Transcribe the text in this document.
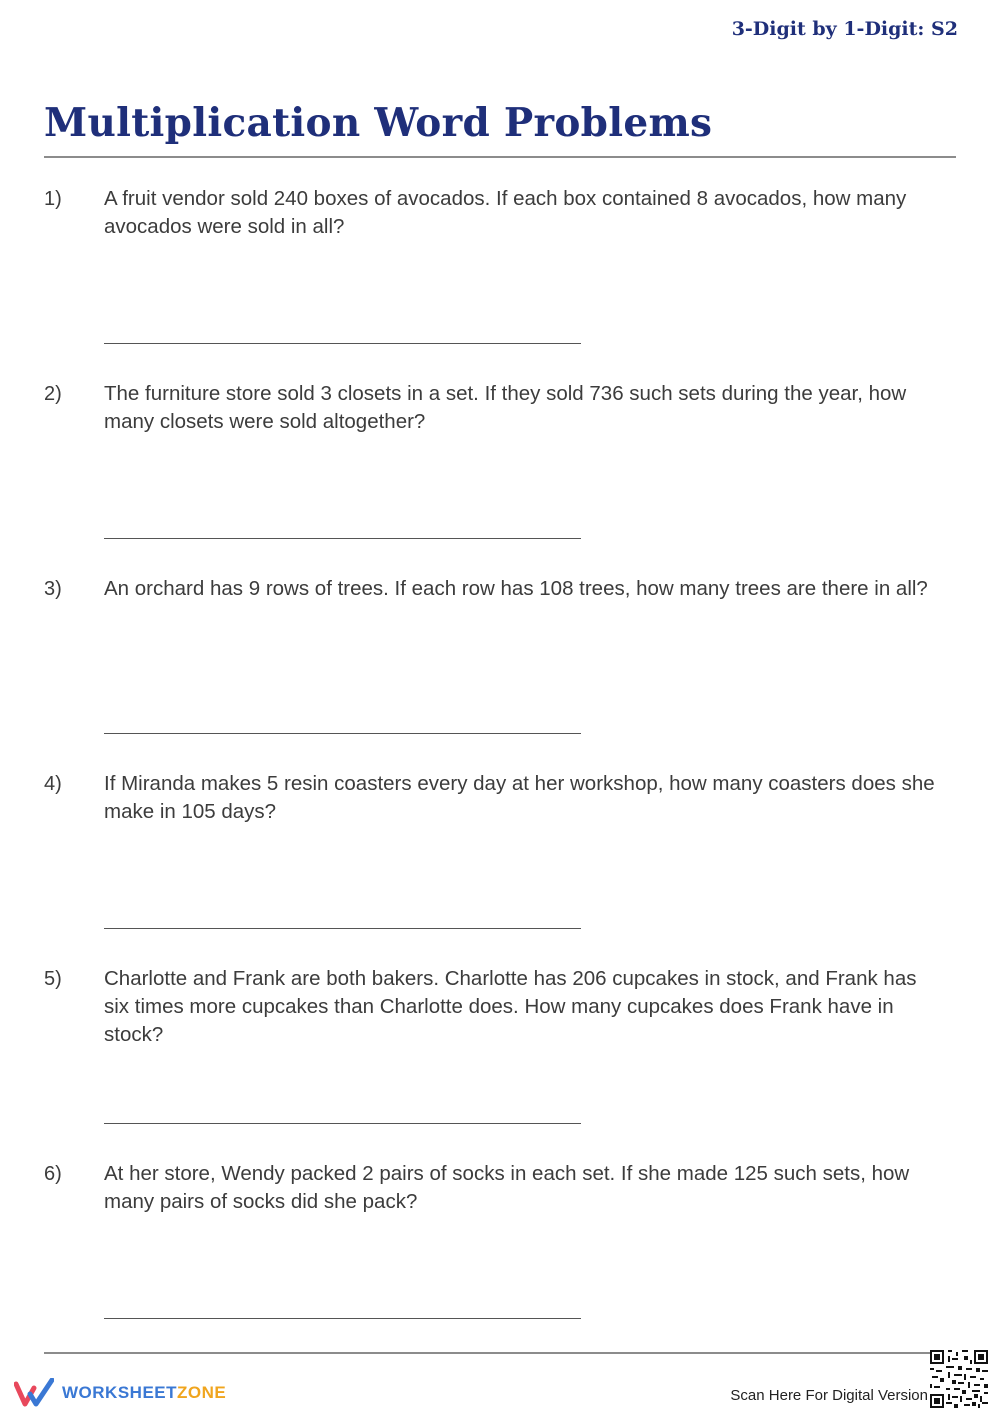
3-Digit by 1-Digit: S2
Multiplication Word Problems
1) A fruit vendor sold 240 boxes of avocados. If each box contained 8 avocados, how many avocados were sold in all?

2) The furniture store sold 3 closets in a set. If they sold 736 such sets during the year, how many closets were sold altogether?

3) An orchard has 9 rows of trees. If each row has 108 trees, how many trees are there in all?

4) If Miranda makes 5 resin coasters every day at her workshop, how many coasters does she make in 105 days?

5) Charlotte and Frank are both bakers. Charlotte has 206 cupcakes in stock, and Frank has six times more cupcakes than Charlotte does. How many cupcakes does Frank have in stock?

6) At her store, Wendy packed 2 pairs of socks in each set. If she made 125 such sets, how many pairs of socks did she pack?

WORKSHEETZONE	Scan Here For Digital Version
